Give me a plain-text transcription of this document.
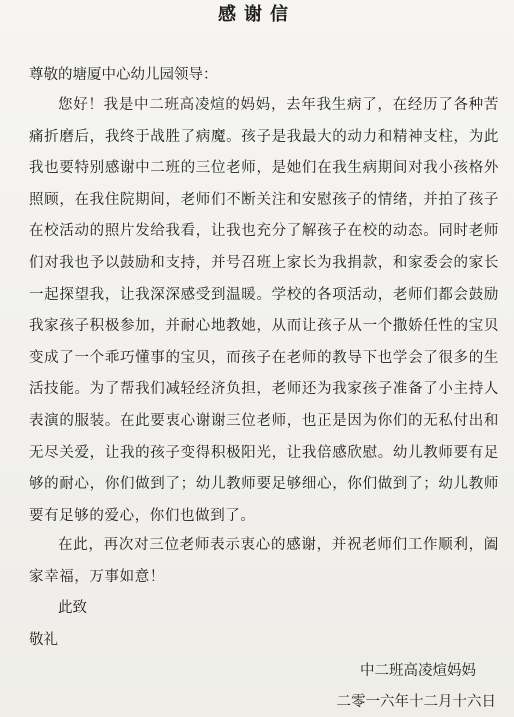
感谢信
尊敬的塘厦中心幼儿园领导：

您好！我是中二班高凌煊的妈妈，去年我生病了，在经历了各种苦痛折磨后，我终于战胜了病魔。孩子是我最大的动力和精神支柱，为此我也要特别感谢中二班的三位老师，是她们在我生病期间对我小孩格外照顾，在我住院期间，老师们不断关注和安慰孩子的情绪，并拍了孩子在校活动的照片发给我看，让我也充分了解孩子在校的动态。同时老师们对我也予以鼓励和支持，并号召班上家长为我捐款，和家委会的家长一起探望我，让我深深感受到温暖。学校的各项活动，老师们都会鼓励我家孩子积极参加，并耐心地教她，从而让孩子从一个撒娇任性的宝贝变成了一个乖巧懂事的宝贝，而孩子在老师的教导下也学会了很多的生活技能。为了帮我们减轻经济负担，老师还为我家孩子准备了小主持人表演的服装。在此要衷心谢谢三位老师，也正是因为你们的无私付出和无尽关爱，让我的孩子变得积极阳光，让我倍感欣慰。幼儿教师要有足够的耐心，你们做到了；幼儿教师要足够细心，你们做到了；幼儿教师要有足够的爱心，你们也做到了。

在此，再次对三位老师表示衷心的感谢，并祝老师们工作顺利，阖家幸福，万事如意！

此致
敬礼
中二班高凌煊妈妈
二零一六年十二月十六日
